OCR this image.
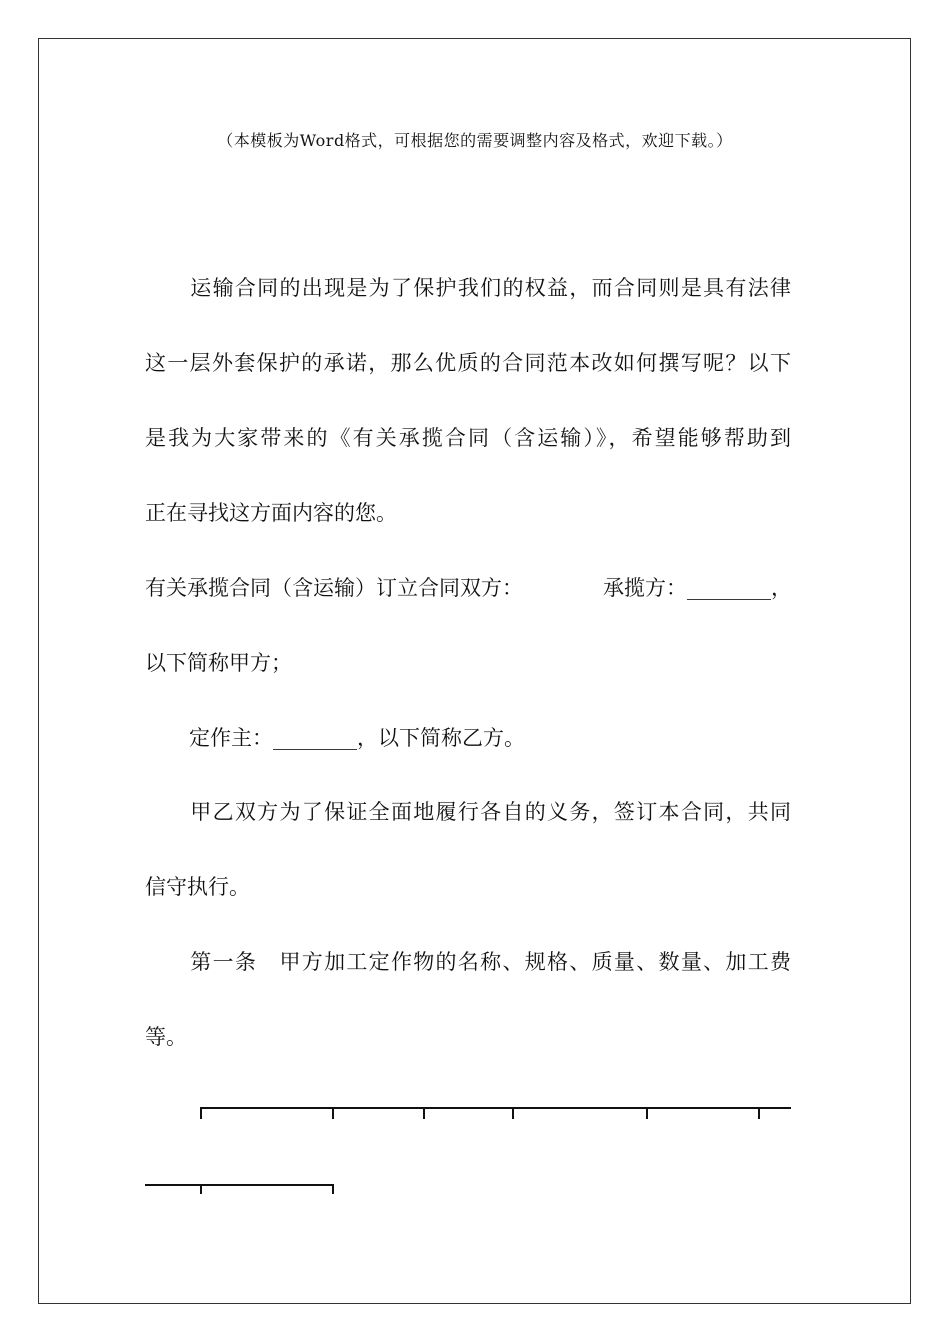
（本模板为Word格式，可根据您的需要调整内容及格式，欢迎下载。）
运输合同的出现是为了保护我们的权益，而合同则是具有法律
这一层外套保护的承诺，那么优质的合同范本改如何撰写呢？以下
是我为大家带来的《有关承揽合同（含运输）》，希望能够帮助到
正在寻找这方面内容的您。
有关承揽合同（含运输）订立合同双方：	承揽方：________，
以下简称甲方；
定作主：________，以下简称乙方。
甲乙双方为了保证全面地履行各自的义务，签订本合同，共同
信守执行。
第一条　甲方加工定作物的名称、规格、质量、数量、加工费
等。
